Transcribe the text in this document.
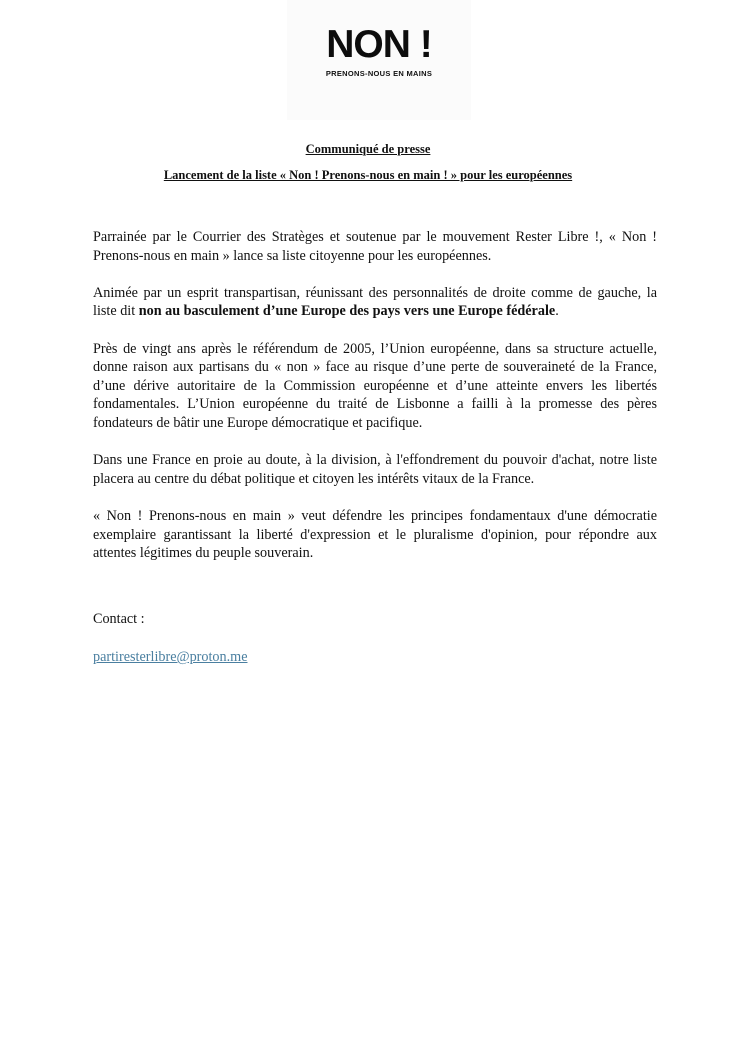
NON !
PRENONS-NOUS EN MAINS
Communiqué de presse
Lancement de la liste « Non ! Prenons-nous en main ! » pour les européennes

Parrainée par le Courrier des Stratèges et soutenue par le mouvement Rester Libre !, « Non ! Prenons-nous en main » lance sa liste citoyenne pour les européennes.

Animée par un esprit transpartisan, réunissant des personnalités de droite comme de gauche, la liste dit non au basculement d’une Europe des pays vers une Europe fédérale.

Près de vingt ans après le référendum de 2005, l’Union européenne, dans sa structure actuelle, donne raison aux partisans du « non » face au risque d’une perte de souveraineté de la France, d’une dérive autoritaire de la Commission européenne et d’une atteinte envers les libertés fondamentales. L’Union européenne du traité de Lisbonne a failli à la promesse des pères fondateurs de bâtir une Europe démocratique et pacifique.

Dans une France en proie au doute, à la division, à l'effondrement du pouvoir d'achat, notre liste placera au centre du débat politique et citoyen les intérêts vitaux de la France.

« Non ! Prenons-nous en main » veut défendre les principes fondamentaux d'une démocratie exemplaire garantissant la liberté d'expression et le pluralisme d'opinion, pour répondre aux attentes légitimes du peuple souverain.

Contact :
partiresterlibre@proton.me
